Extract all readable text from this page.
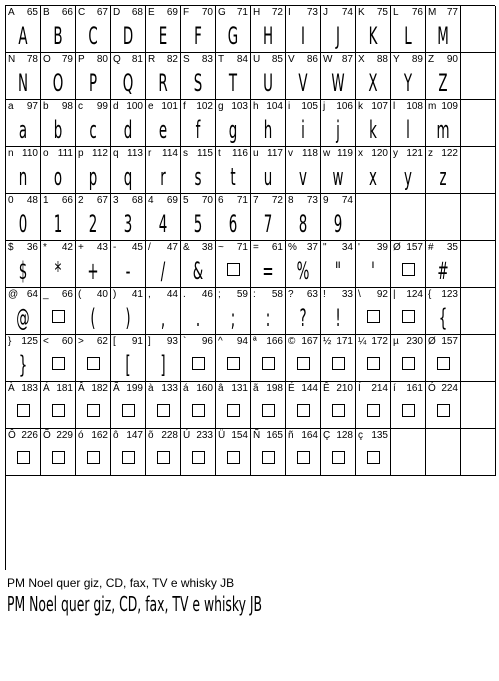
A 65
A
B 66
B
C 67
C
D 68
D
E 69
E
F 70
F
G 71
G
H 72
H
I 73
I
J 74
J
K 75
K
L 76
L
M 77
M
N 78
N
O 79
O
P 80
P
Q 81
Q
R 82
R
S 83
S
T 84
T
U 85
U
V 86
V
W 87
W
X 88
X
Y 89
Y
Z 90
Z
a 97
a
b 98
b
c 99
c
d 100
d
e 101
e
f 102
f
g 103
g
h 104
h
i 105
i
j 106
j
k 107
k
l 108
l
m 109
m
n 110
n
o 111
o
p 112
p
q 113
q
r 114
r
s 115
s
t 116
t
u 117
u
v 118
v
w 119
w
x 120
x
y 121
y
z 122
z
0 48
0
1 66
1
2 67
2
3 68
3
4 69
4
5 70
5
6 71
6
7 72
7
8 73
8
9 74
9
$ 36
$
* 42
*
+ 43
+
- 45
-
/ 47
/
& 38
&
~ 71 = 61
=
% 37
%
" 34
"
' 39
'
Ø 157 # 35
#
@ 64
@
_ 66 ( 40
(
) 41
)
, 44
,
. 46
.
; 59
;
: 58
:
? 63
?
! 33
!
\ 92 | 124 { 123
{
} 125
}
< 60 > 62 [ 91
[
] 93
]
` 96 ^ 94 ª 166 © 167 ½ 171 ¼ 172 µ 230 Ø 157
À 183 Á 181 Â 182 Ã 199 à 133 á 160 â 131 ã 198 É 144 Ê 210 Í 214 í 161 Ó 224
Ô 226 Õ 229 ó 162 ô 147 õ 228 Ú 233 Ü 154 Ñ 165 ñ 164 Ç 128 ç 135
PM Noel quer giz, CD, fax, TV e whisky JB
PM Noel quer giz, CD, fax, TV e whisky JB
